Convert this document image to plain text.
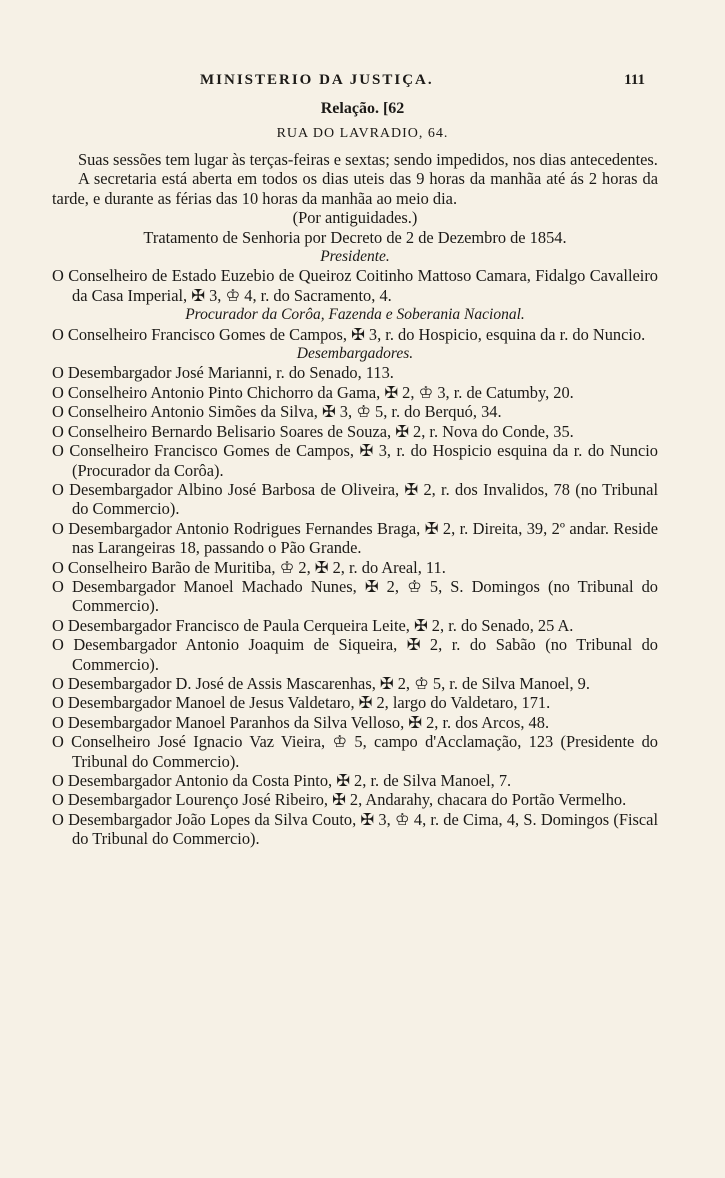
MINISTERIO DA JUSTIÇA.	111
Relação. [62
RUA DO LAVRADIO, 64.

Suas sessões tem lugar às terças-feiras e sextas; sendo impedidos, nos dias antecedentes.

A secretaria está aberta em todos os dias uteis das 9 horas da manhãa até ás 2 horas da tarde, e durante as férias das 10 horas da manhãa ao meio dia.

(Por antiguidades.)

Tratamento de Senhoria por Decreto de 2 de Dezembro de 1854.

Presidente.

O Conselheiro de Estado Euzebio de Queiroz Coitinho Mattoso Camara, Fidalgo Cavalleiro da Casa Imperial, ✠ 3, ♔ 4, r. do Sacramento, 4.

Procurador da Corôa, Fazenda e Soberania Nacional.

O Conselheiro Francisco Gomes de Campos, ✠ 3, r. do Hospicio, esquina da r. do Nuncio.

Desembargadores.

O Desembargador José Marianni, r. do Senado, 113.

O Conselheiro Antonio Pinto Chichorro da Gama, ✠ 2, ♔ 3, r. de Catumby, 20.

O Conselheiro Antonio Simões da Silva, ✠ 3, ♔ 5, r. do Berquó, 34.

O Conselheiro Bernardo Belisario Soares de Souza, ✠ 2, r. Nova do Conde, 35.

O Conselheiro Francisco Gomes de Campos, ✠ 3, r. do Hospicio esquina da r. do Nuncio (Procurador da Corôa).

O Desembargador Albino José Barbosa de Oliveira, ✠ 2, r. dos Invalidos, 78 (no Tribunal do Commercio).

O Desembargador Antonio Rodrigues Fernandes Braga, ✠ 2, r. Direita, 39, 2º andar. Reside nas Larangeiras 18, passando o Pão Grande.

O Conselheiro Barão de Muritiba, ♔ 2, ✠ 2, r. do Areal, 11.

O Desembargador Manoel Machado Nunes, ✠ 2, ♔ 5, S. Domingos (no Tribunal do Commercio).

O Desembargador Francisco de Paula Cerqueira Leite, ✠ 2, r. do Senado, 25 A.

O Desembargador Antonio Joaquim de Siqueira, ✠ 2, r. do Sabão (no Tribunal do Commercio).

O Desembargador D. José de Assis Mascarenhas, ✠ 2, ♔ 5, r. de Silva Manoel, 9.

O Desembargador Manoel de Jesus Valdetaro, ✠ 2, largo do Valdetaro, 171.

O Desembargador Manoel Paranhos da Silva Velloso, ✠ 2, r. dos Arcos, 48.

O Conselheiro José Ignacio Vaz Vieira, ♔ 5, campo d'Acclamação, 123 (Presidente do Tribunal do Commercio).

O Desembargador Antonio da Costa Pinto, ✠ 2, r. de Silva Manoel, 7.

O Desembargador Lourenço José Ribeiro, ✠ 2, Andarahy, chacara do Portão Vermelho.

O Desembargador João Lopes da Silva Couto, ✠ 3, ♔ 4, r. de Cima, 4, S. Domingos (Fiscal do Tribunal do Commercio).
